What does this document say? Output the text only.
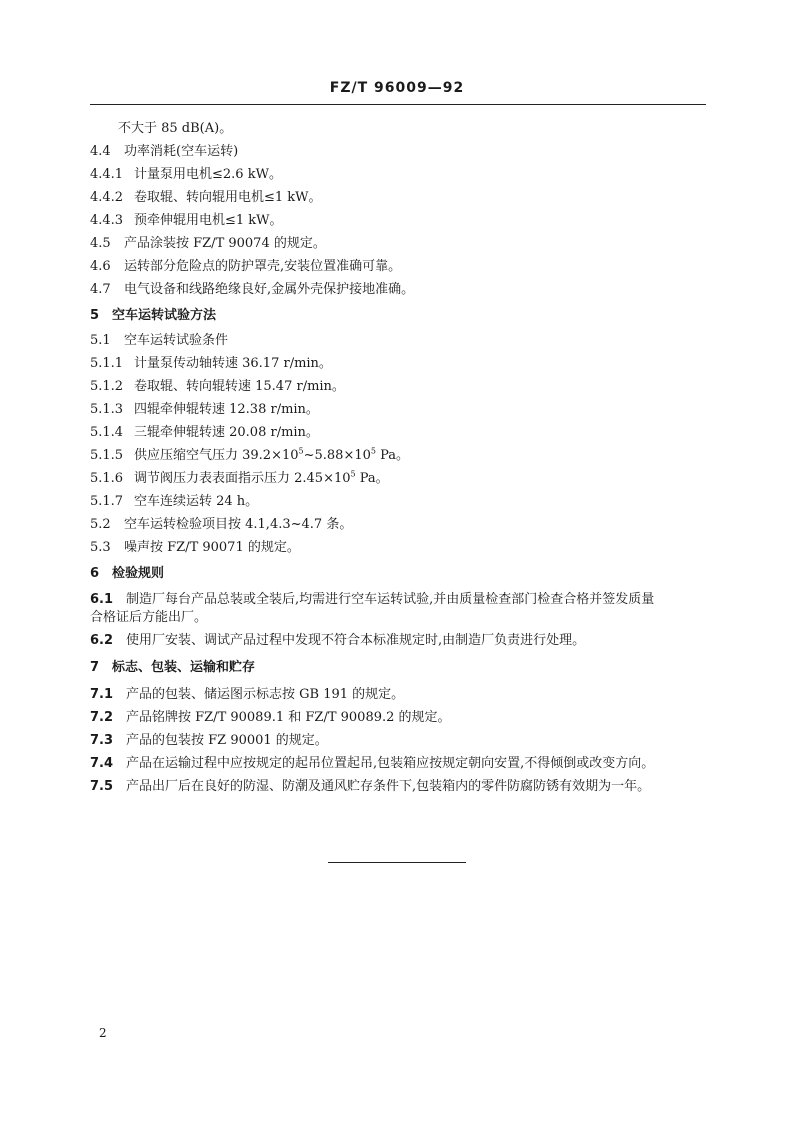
FZ/T 96009—92
不大于 85 dB(A)。
4.4 功率消耗(空车运转)
4.4.1 计量泵用电机≤2.6 kW。
4.4.2 卷取辊、转向辊用电机≤1 kW。
4.4.3 预牵伸辊用电机≤1 kW。
4.5 产品涂装按 FZ/T 90074 的规定。
4.6 运转部分危险点的防护罩壳,安装位置准确可靠。
4.7 电气设备和线路绝缘良好,金属外壳保护接地准确。
5 空车运转试验方法
5.1 空车运转试验条件
5.1.1 计量泵传动轴转速 36.17 r/min。
5.1.2 卷取辊、转向辊转速 15.47 r/min。
5.1.3 四辊牵伸辊转速 12.38 r/min。
5.1.4 三辊牵伸辊转速 20.08 r/min。
5.1.5 供应压缩空气压力 $39.2\times 10^5\sim 5.88\times 10^5$ Pa。
5.1.6 调节阀压力表表面指示压力 $2.45\times 10^5$ Pa。
5.1.7 空车连续运转 24 h。
5.2 空车运转检验项目按 4.1,4.3~4.7 条。
5.3 噪声按 FZ/T 90071 的规定。
6 检验规则
6.1 制造厂每台产品总装或全装后,均需进行空车运转试验,并由质量检查部门检查合格并签发质量
合格证后方能出厂。
6.2 使用厂安装、调试产品过程中发现不符合本标准规定时,由制造厂负责进行处理。
7 标志、包装、运输和贮存
7.1 产品的包装、储运图示标志按 GB 191 的规定。
7.2 产品铭牌按 FZ/T 90089.1 和 FZ/T 90089.2 的规定。
7.3 产品的包装按 FZ 90001 的规定。
7.4 产品在运输过程中应按规定的起吊位置起吊,包装箱应按规定朝向安置,不得倾倒或改变方向。
7.5 产品出厂后在良好的防湿、防潮及通风贮存条件下,包装箱内的零件防腐防锈有效期为一年。
2
